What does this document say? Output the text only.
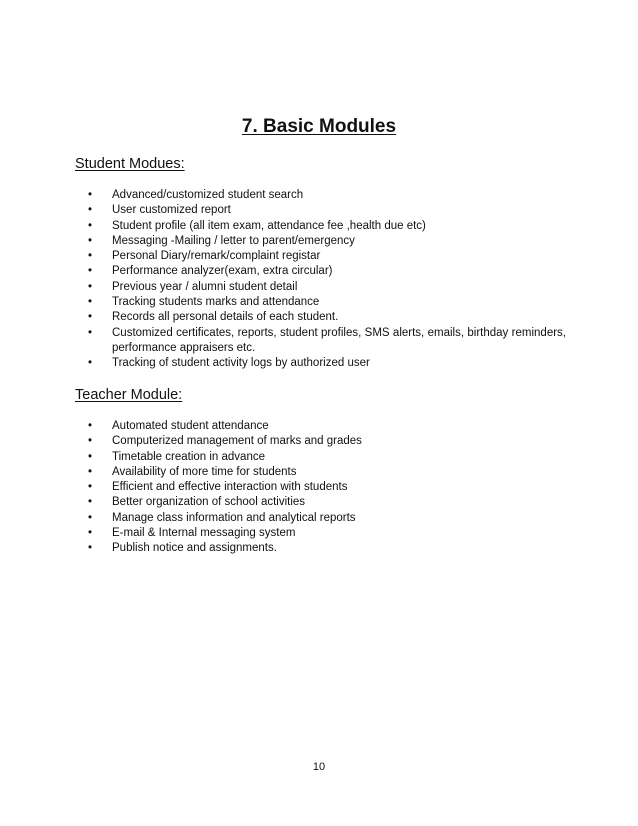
7. Basic Modules
Student Modues:
•	Advanced/customized student search
•	User customized report
•	Student profile (all item exam, attendance fee ,health due etc)
•	Messaging -Mailing / letter to parent/emergency
•	Personal Diary/remark/complaint registar
•	Performance analyzer(exam, extra circular)
•	Previous year / alumni student detail
•	Tracking students marks and attendance
•	Records all personal details of each student.
•	Customized certificates, reports, student profiles, SMS alerts, emails, birthday reminders, performance appraisers etc.
•	Tracking of student activity logs by authorized user
Teacher Module:
•	Automated student attendance
•	Computerized management of marks and grades
•	Timetable creation in advance
•	Availability of more time for students
•	Efficient and effective interaction with students
•	Better organization of school activities
•	Manage class information and analytical reports
•	E-mail & Internal messaging system
•	Publish notice and assignments.
10
